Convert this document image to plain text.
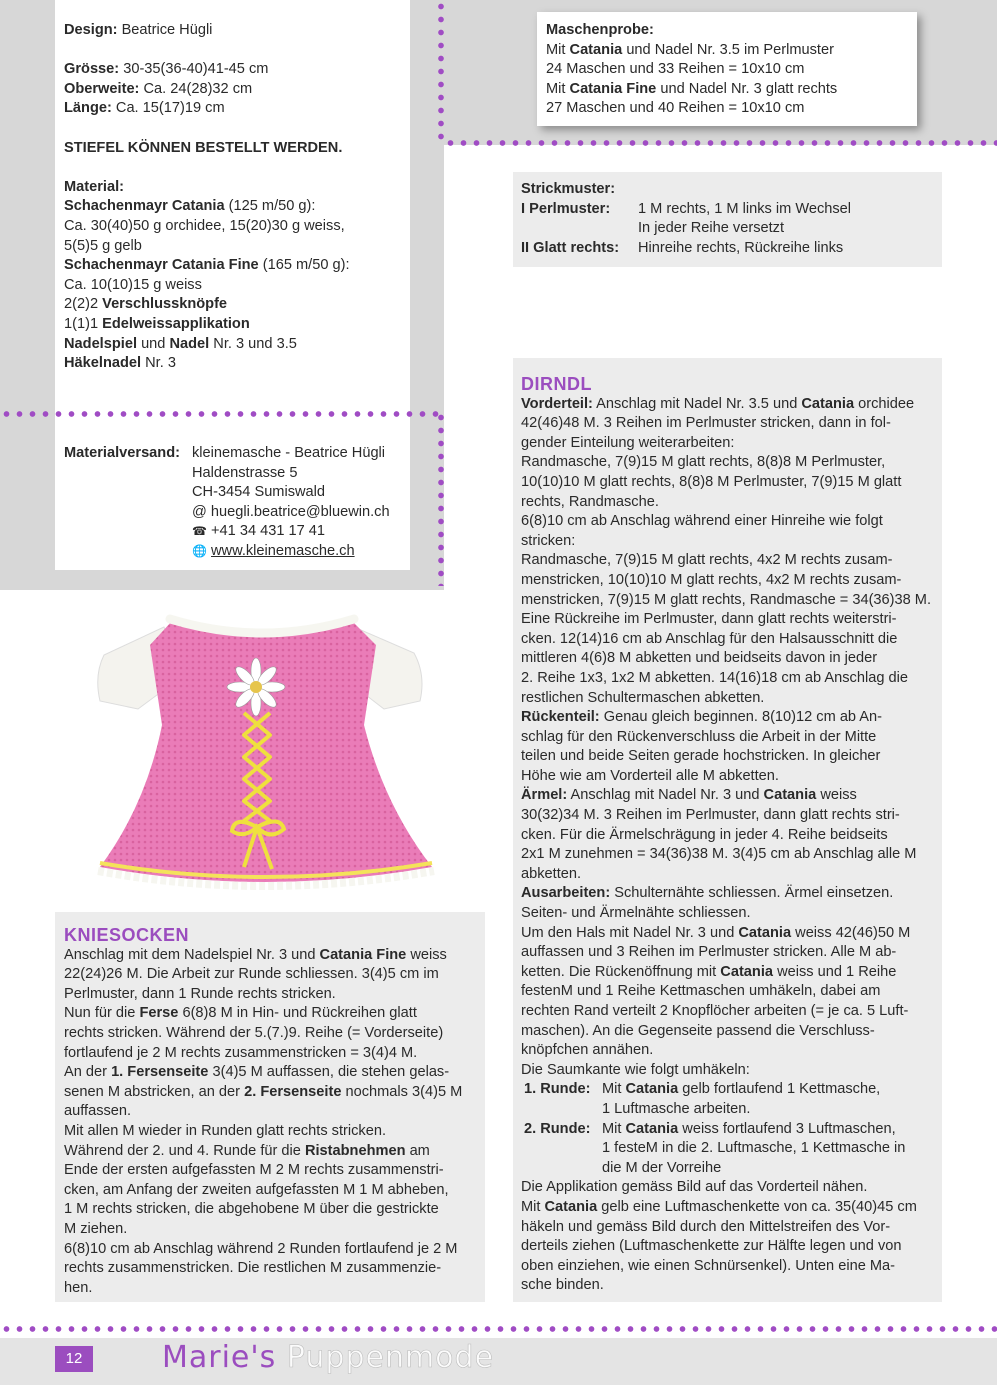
Design: Beatrice Hügli

Grösse: 30-35(36-40)41-45 cm

Oberweite: Ca. 24(28)32 cm

Länge: Ca. 15(17)19 cm

STIEFEL KÖNNEN BESTELLT WERDEN.

Material:

Schachenmayr Catania (125 m/50 g):

Ca. 30(40)50 g orchidee, 15(20)30 g weiss,

5(5)5 g gelb

Schachenmayr Catania Fine (165 m/50 g):

Ca. 10(10)15 g weiss

2(2)2 Verschlussknöpfe

1(1)1 Edelweissapplikation

Nadelspiel und Nadel Nr. 3 und 3.5

Häkelnadel Nr. 3

Materialversand: kleinemasche - Beatrice Hügli
Haldenstrasse 5
CH-3454 Sumiswald
@
huegli.beatrice@bluewin.ch
☎
+41 34 431 17 41
🌐
www.kleinemasche.ch

Maschenprobe:

Mit Catania und Nadel Nr. 3.5 im Perlmuster

24 Maschen und 33 Reihen = 10x10 cm

Mit Catania Fine und Nadel Nr. 3 glatt rechts

27 Maschen und 40 Reihen = 10x10 cm

Strickmuster:

I Perlmuster:	1 M rechts, 1 M links im Wechsel
In jeder Reihe versetzt
II Glatt rechts:	Hinreihe rechts, Rückreihe links

KNIESOCKEN

Anschlag mit dem Nadelspiel Nr. 3 und Catania Fine weiss

22(24)26 M. Die Arbeit zur Runde schliessen. 3(4)5 cm im

Perlmuster, dann 1 Runde rechts stricken.

Nun für die Ferse 6(8)8 M in Hin- und Rückreihen glatt

rechts stricken. Während der 5.(7.)9. Reihe (= Vorderseite)

fortlaufend je 2 M rechts zusammenstricken = 3(4)4 M.

An der 1. Fersenseite 3(4)5 M auffassen, die stehen gelas-

senen M abstricken, an der 2. Fersenseite nochmals 3(4)5 M

auffassen.

Mit allen M wieder in Runden glatt rechts stricken.

Während der 2. und 4. Runde für die Ristabnehmen am

Ende der ersten aufgefassten M 2 M rechts zusammenstri-

cken, am Anfang der zweiten aufgefassten M 1 M abheben,

1 M rechts stricken, die abgehobene M über die gestrickte

M ziehen.

6(8)10 cm ab Anschlag während 2 Runden fortlaufend je 2 M

rechts zusammenstricken. Die restlichen M zusammenzie-

hen.

DIRNDL

Vorderteil: Anschlag mit Nadel Nr. 3.5 und Catania orchidee

42(46)48 M. 3 Reihen im Perlmuster stricken, dann in fol-

gender Einteilung weiterarbeiten:

Randmasche, 7(9)15 M glatt rechts, 8(8)8 M Perlmuster,

10(10)10 M glatt rechts, 8(8)8 M Perlmuster, 7(9)15 M glatt

rechts, Randmasche.

6(8)10 cm ab Anschlag während einer Hinreihe wie folgt

stricken:

Randmasche, 7(9)15 M glatt rechts, 4x2 M rechts zusam-

menstricken, 10(10)10 M glatt rechts, 4x2 M rechts zusam-

menstricken, 7(9)15 M glatt rechts, Randmasche = 34(36)38 M.

Eine Rückreihe im Perlmuster, dann glatt rechts weiterstri-

cken. 12(14)16 cm ab Anschlag für den Halsausschnitt die

mittleren 4(6)8 M abketten und beidseits davon in jeder

2. Reihe 1x3, 1x2 M abketten. 14(16)18 cm ab Anschlag die

restlichen Schultermaschen abketten.

Rückenteil: Genau gleich beginnen. 8(10)12 cm ab An-

schlag für den Rückenverschluss die Arbeit in der Mitte

teilen und beide Seiten gerade hochstricken. In gleicher

Höhe wie am Vorderteil alle M abketten.

Ärmel: Anschlag mit Nadel Nr. 3 und Catania weiss

30(32)34 M. 3 Reihen im Perlmuster, dann glatt rechts stri-

cken. Für die Ärmelschrägung in jeder 4. Reihe beidseits

2x1 M zunehmen = 34(36)38 M. 3(4)5 cm ab Anschlag alle M

abketten.

Ausarbeiten: Schulternähte schliessen. Ärmel einsetzen.

Seiten- und Ärmelnähte schliessen.

Um den Hals mit Nadel Nr. 3 und Catania weiss 42(46)50 M

auffassen und 3 Reihen im Perlmuster stricken. Alle M ab-

ketten. Die Rückenöffnung mit Catania weiss und 1 Reihe

festenM und 1 Reihe Kettmaschen umhäkeln, dabei am

rechten Rand verteilt 2 Knopflöcher arbeiten (= je ca. 5 Luft-

maschen). An die Gegenseite passend die Verschluss-

knöpfchen annähen.

Die Saumkante wie folgt umhäkeln:

1. Runde: Mit Catania gelb fortlaufend 1 Kettmasche,
1 Luftmasche arbeiten.
2. Runde: Mit Catania weiss fortlaufend 3 Luftmaschen,
1 festeM in die 2. Luftmasche, 1 Kettmasche in
die M der Vorreihe

Die Applikation gemäss Bild auf das Vorderteil nähen.

Mit Catania gelb eine Luftmaschenkette von ca. 35(40)45 cm

häkeln und gemäss Bild durch den Mittelstreifen des Vor-

derteils ziehen (Luftmaschenkette zur Hälfte legen und von

oben einziehen, wie einen Schnürsenkel). Unten eine Ma-

sche binden.

12	Marie's Puppenmode
